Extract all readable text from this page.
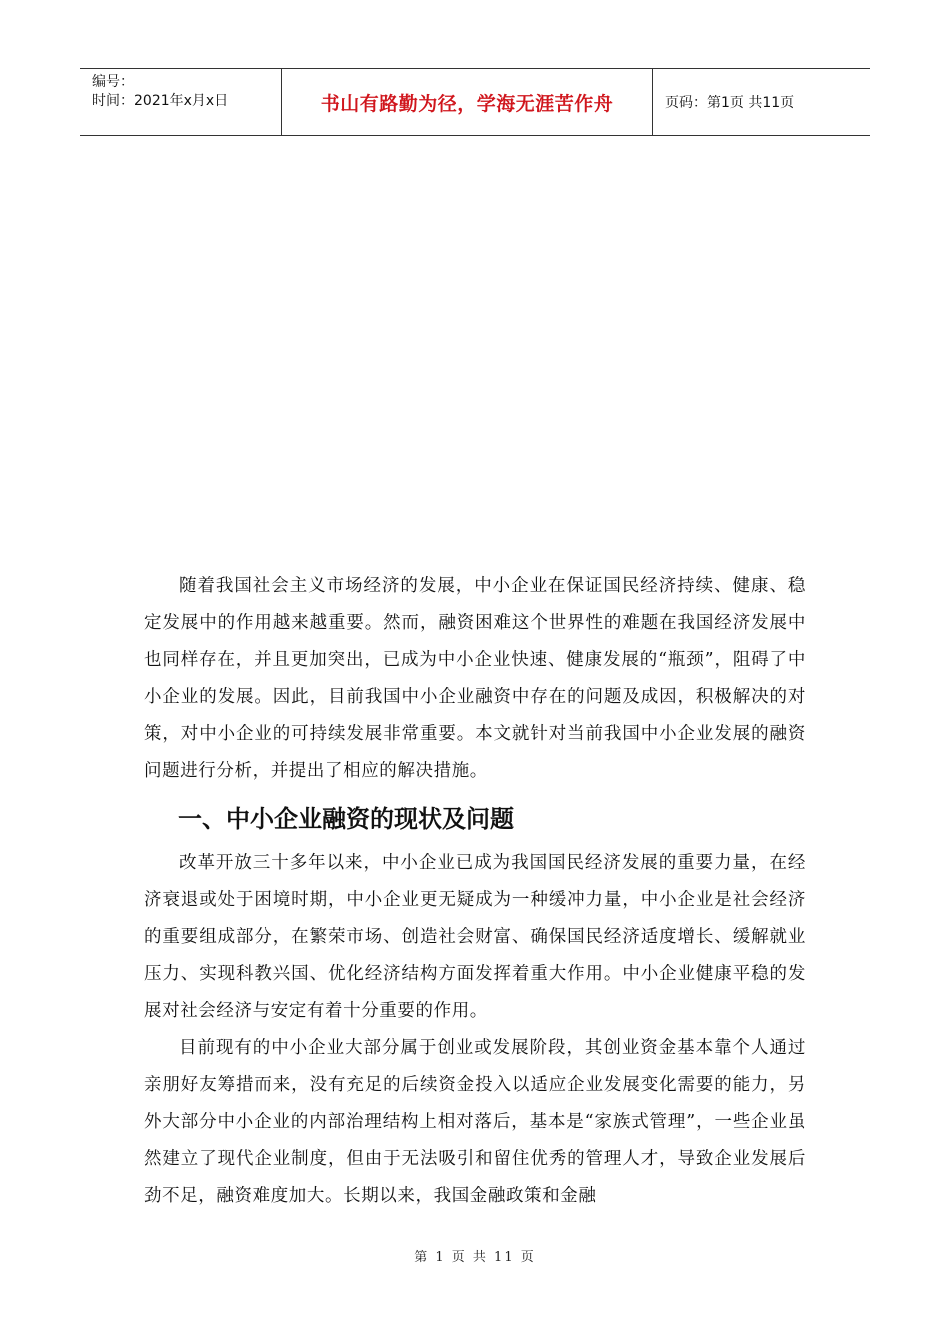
编号：
时间：2021年x月x日	书山有路勤为径，学海无涯苦作舟	页码：第1页 共11页

随着我国社会主义市场经济的发展，中小企业在保证国民经济持续、健康、稳定发展中的作用越来越重要。然而，融资困难这个世界性的难题在我国经济发展中也同样存在，并且更加突出，已成为中小企业快速、健康发展的“瓶颈”，阻碍了中小企业的发展。因此，目前我国中小企业融资中存在的问题及成因，积极解决的对策，对中小企业的可持续发展非常重要。本文就针对当前我国中小企业发展的融资问题进行分析，并提出了相应的解决措施。

一、中小企业融资的现状及问题

改革开放三十多年以来，中小企业已成为我国国民经济发展的重要力量，在经济衰退或处于困境时期，中小企业更无疑成为一种缓冲力量，中小企业是社会经济的重要组成部分，在繁荣市场、创造社会财富、确保国民经济适度增长、缓解就业压力、实现科教兴国、优化经济结构方面发挥着重大作用。中小企业健康平稳的发展对社会经济与安定有着十分重要的作用。

目前现有的中小企业大部分属于创业或发展阶段，其创业资金基本靠个人通过亲朋好友筹措而来，没有充足的后续资金投入以适应企业发展变化需要的能力，另外大部分中小企业的内部治理结构上相对落后，基本是“家族式管理”，一些企业虽然建立了现代企业制度，但由于无法吸引和留住优秀的管理人才，导致企业发展后劲不足，融资难度加大。长期以来，我国金融政策和金融

第 1 页 共 11 页
